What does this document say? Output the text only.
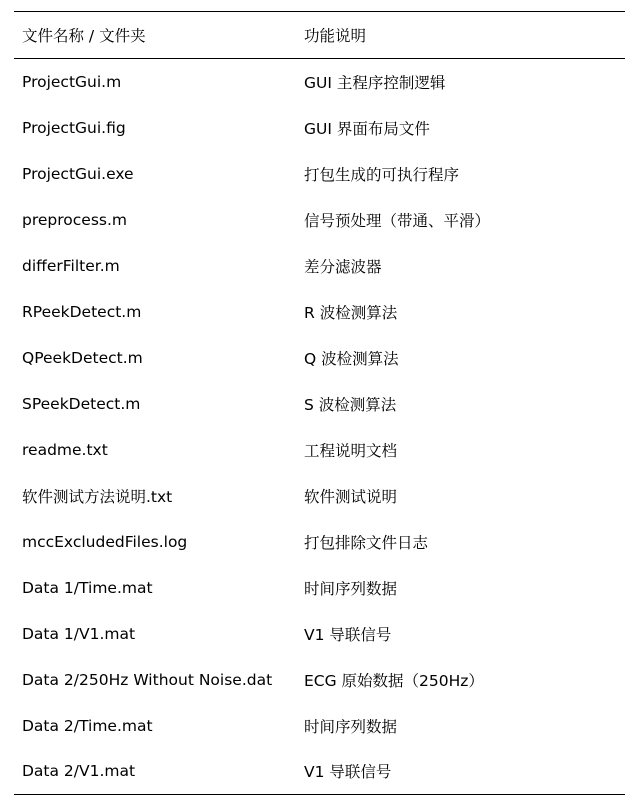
文件名称 / 文件夹	功能说明
ProjectGui.m	GUI 主程序控制逻辑
ProjectGui.fig	GUI 界面布局文件
ProjectGui.exe	打包生成的可执行程序
preprocess.m	信号预处理（带通、平滑）
differFilter.m	差分滤波器
RPeekDetect.m	R 波检测算法
QPeekDetect.m	Q 波检测算法
SPeekDetect.m	S 波检测算法
readme.txt	工程说明文档
软件测试方法说明.txt	软件测试说明
mccExcludedFiles.log	打包排除文件日志
Data 1/Time.mat	时间序列数据
Data 1/V1.mat	V1 导联信号
Data 2/250Hz Without Noise.dat	ECG 原始数据（250Hz）
Data 2/Time.mat	时间序列数据
Data 2/V1.mat	V1 导联信号
